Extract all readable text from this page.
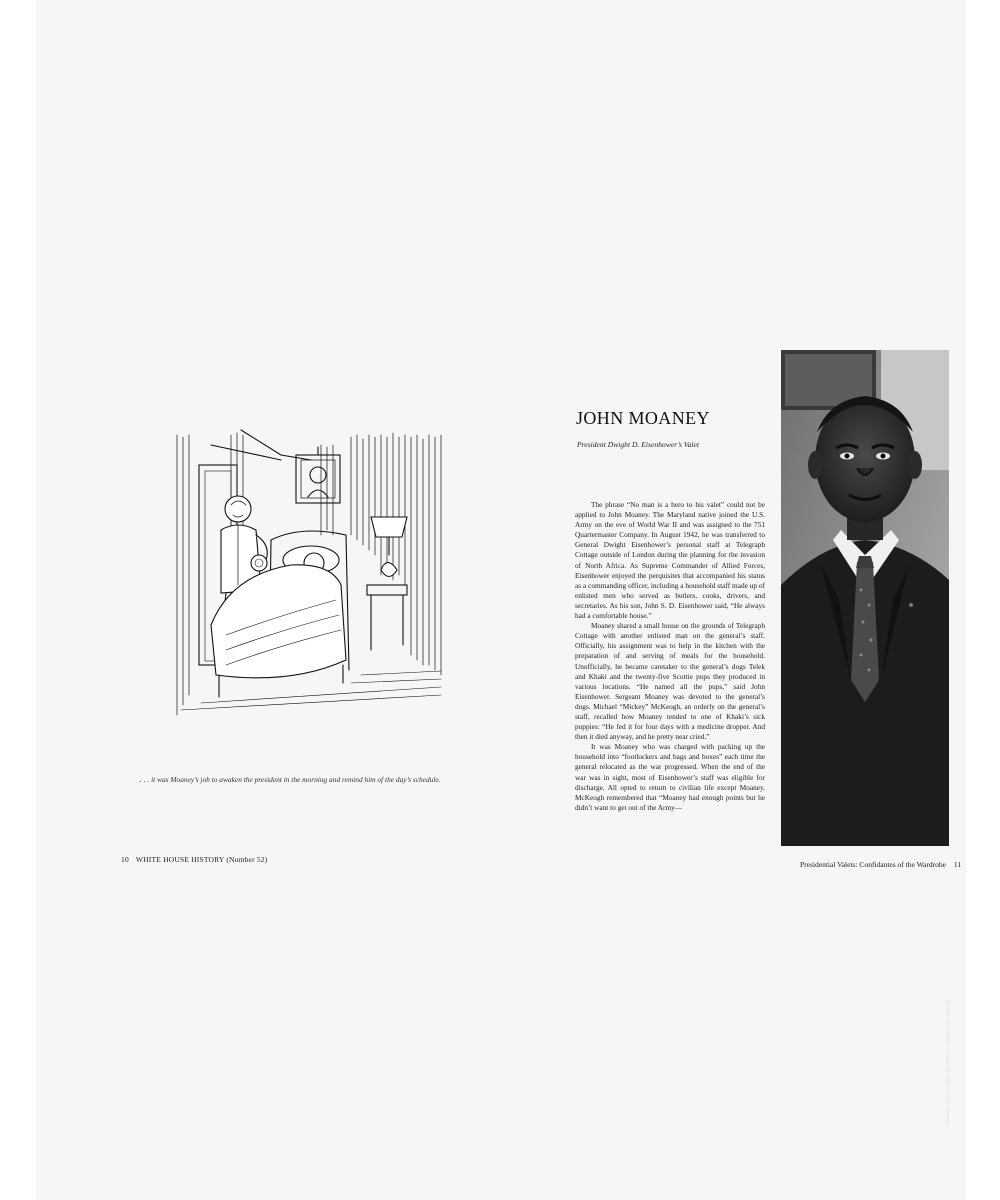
. . . it was Moaney’s job to awaken the president in the morning and remind him of the day’s schedule.
10 WHITE HOUSE HISTORY (Number 52)
JOHN MOANEY
President Dwight D. Eisenhower’s Valet

The phrase “No man is a hero to his valet” could not be applied to John Moaney. The Maryland native joined the U.S. Army on the eve of World War II and was assigned to the 751 Quartermaster Company. In August 1942, he was transferred to General Dwight Eisenhower’s personal staff at Telegraph Cottage outside of London during the planning for the invasion of North Africa. As Supreme Commander of Allied Forces, Eisenhower enjoyed the perquisites that accompanied his status as a commanding officer, including a household staff made up of enlisted men who served as butlers, cooks, drivers, and secretaries. As his son, John S. D. Eisenhower said, “He always had a comfortable house.”

Moaney shared a small house on the grounds of Telegraph Cottage with another enlisted man on the general’s staff. Officially, his assignment was to help in the kitchen with the preparation of and serving of meals for the household. Unofficially, he became caretaker to the general’s dogs Telek and Khaki and the twenty-five Scottie pups they produced in various locations. “He named all the pups,” said John Eisenhower. Sergeant Moaney was devoted to the general’s dogs. Michael “Mickey” McKeogh, an orderly on the general’s staff, recalled how Moaney tended to one of Khaki’s sick puppies: “He fed it for four days with a medicine dropper. And then it died anyway, and he pretty near cried.”

It was Moaney who was charged with packing up the household into “footlockers and bags and boxes” each time the general relocated as the war progressed. When the end of the war was in sight, most of Eisenhower’s staff was eligible for discharge. All opted to return to civilian life except Moaney. McKeogh remembered that “Moaney had enough points but he didn’t want to get out of the Army—

DWIGHT D. EISENHOWER PRESIDENTIAL LIBRARY AND MUSEUM
Presidential Valets: Confidantes of the Wardrobe 11
